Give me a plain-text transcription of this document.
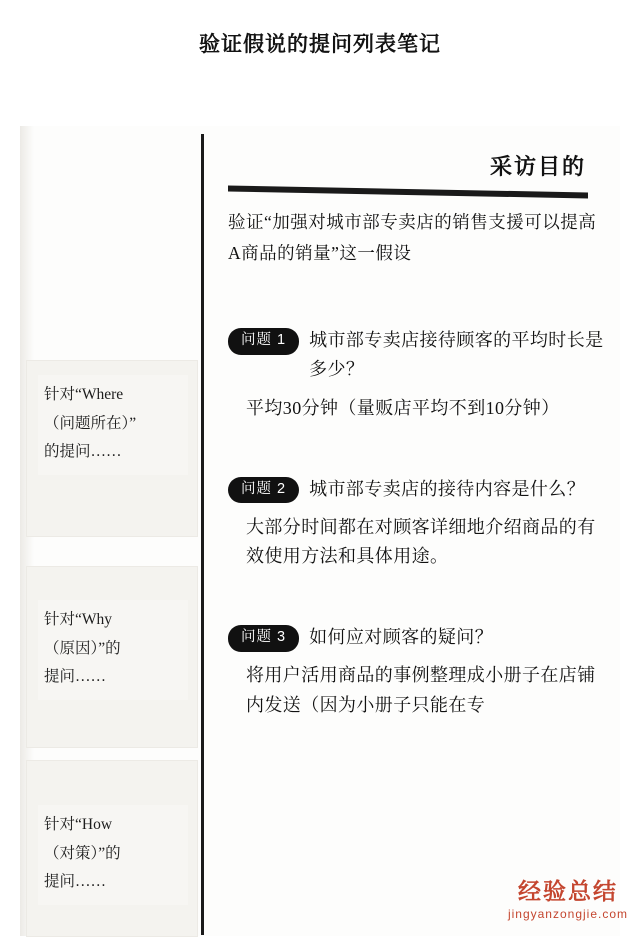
验证假说的提问列表笔记
针对“Where
（问题所在）”
的提问……
针对“Why
（原因）”的
提问……
针对“How
（对策）”的
提问……
采访目的
验证“加强对城市部专卖店的销售支援可以提高A商品的销量”这一假设
问题 1	城市部专卖店接待顾客的平均时长是多少？
平均30分钟（量贩店平均不到10分钟）
问题 2	城市部专卖店的接待内容是什么？
大部分时间都在对顾客详细地介绍商品的有效使用方法和具体用途。
问题 3	如何应对顾客的疑问？
将用户活用商品的事例整理成小册子在店铺内发送（因为小册子只能在专
经验总结
jingyanzongjie.com
